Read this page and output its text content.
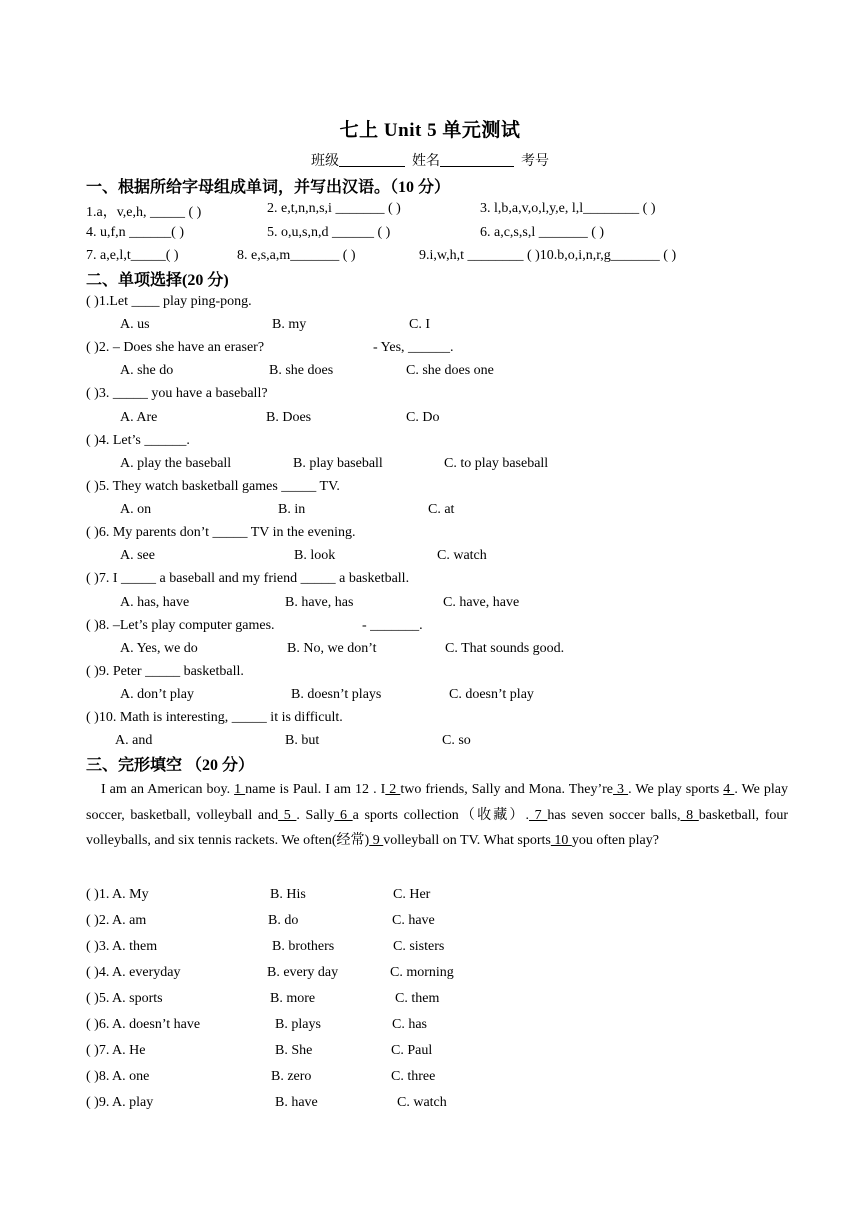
七上 Unit 5 单元测试
班级	姓名	考号
一、根据所给字母组成单词，并写出汉语。（10 分）
1.a，v,e,h, _____ ( )	2. e,t,n,n,s,i _______ ( )	3. l,b,a,v,o,l,y,e, l,l________ ( )
4. u,f,n ______( )	5. o,u,s,n,d ______ ( )	6. a,c,s,s,l _______ ( )
7. a,e,l,t_____( )	8. e,s,a,m_______ ( )	9.i,w,h,t ________ ( )10.b,o,i,n,r,g_______ ( )
二、单项选择(20 分)
( )1.Let ____ play ping-pong.
A. us	B. my	C. I
( )2. – Does she have an eraser?	- Yes, ______.
A. she do	B. she does	C. she does one
( )3. _____ you have a baseball?
A. Are	B. Does	C. Do
( )4. Let’s ______.
A. play the baseball	B. play baseball	C. to play baseball
( )5. They watch basketball games _____ TV.
A. on	B. in	C. at
( )6. My parents don’t _____ TV in the evening.
A. see	B. look	C. watch
( )7. I _____ a baseball and my friend _____ a basketball.
A. has, have	B. have, has	C. have, have
( )8. –Let’s play computer games.	- _______.
A. Yes, we do	B. No, we don’t	C. That sounds good.
( )9. Peter _____ basketball.
A. don’t play	B. doesn’t plays	C. doesn’t play
( )10. Math is interesting, _____ it is difficult.
A. and	B. but	C. so
三、完形填空 （20 分）
I am an American boy. 1 name is Paul. I am 12 . I 2 two friends, Sally and Mona. They’re 3 . We play sports 4 . We play soccer, basketball, volleyball and 5 . Sally 6 a sports collection（收藏）. 7 has seven soccer balls, 8 basketball, four volleyballs, and six tennis rackets. We often(经常) 9 volleyball on TV. What sports 10 you often play?
( )1. A. My	B. His	C. Her
( )2. A. am	B. do	C. have
( )3. A. them	B. brothers	C. sisters
( )4. A. everyday	B. every day	C. morning
( )5. A. sports	B. more	C. them
( )6. A. doesn’t have	B. plays	C. has
( )7. A. He	B. She	C. Paul
( )8. A. one	B. zero	C. three
( )9. A. play	B. have	C. watch
